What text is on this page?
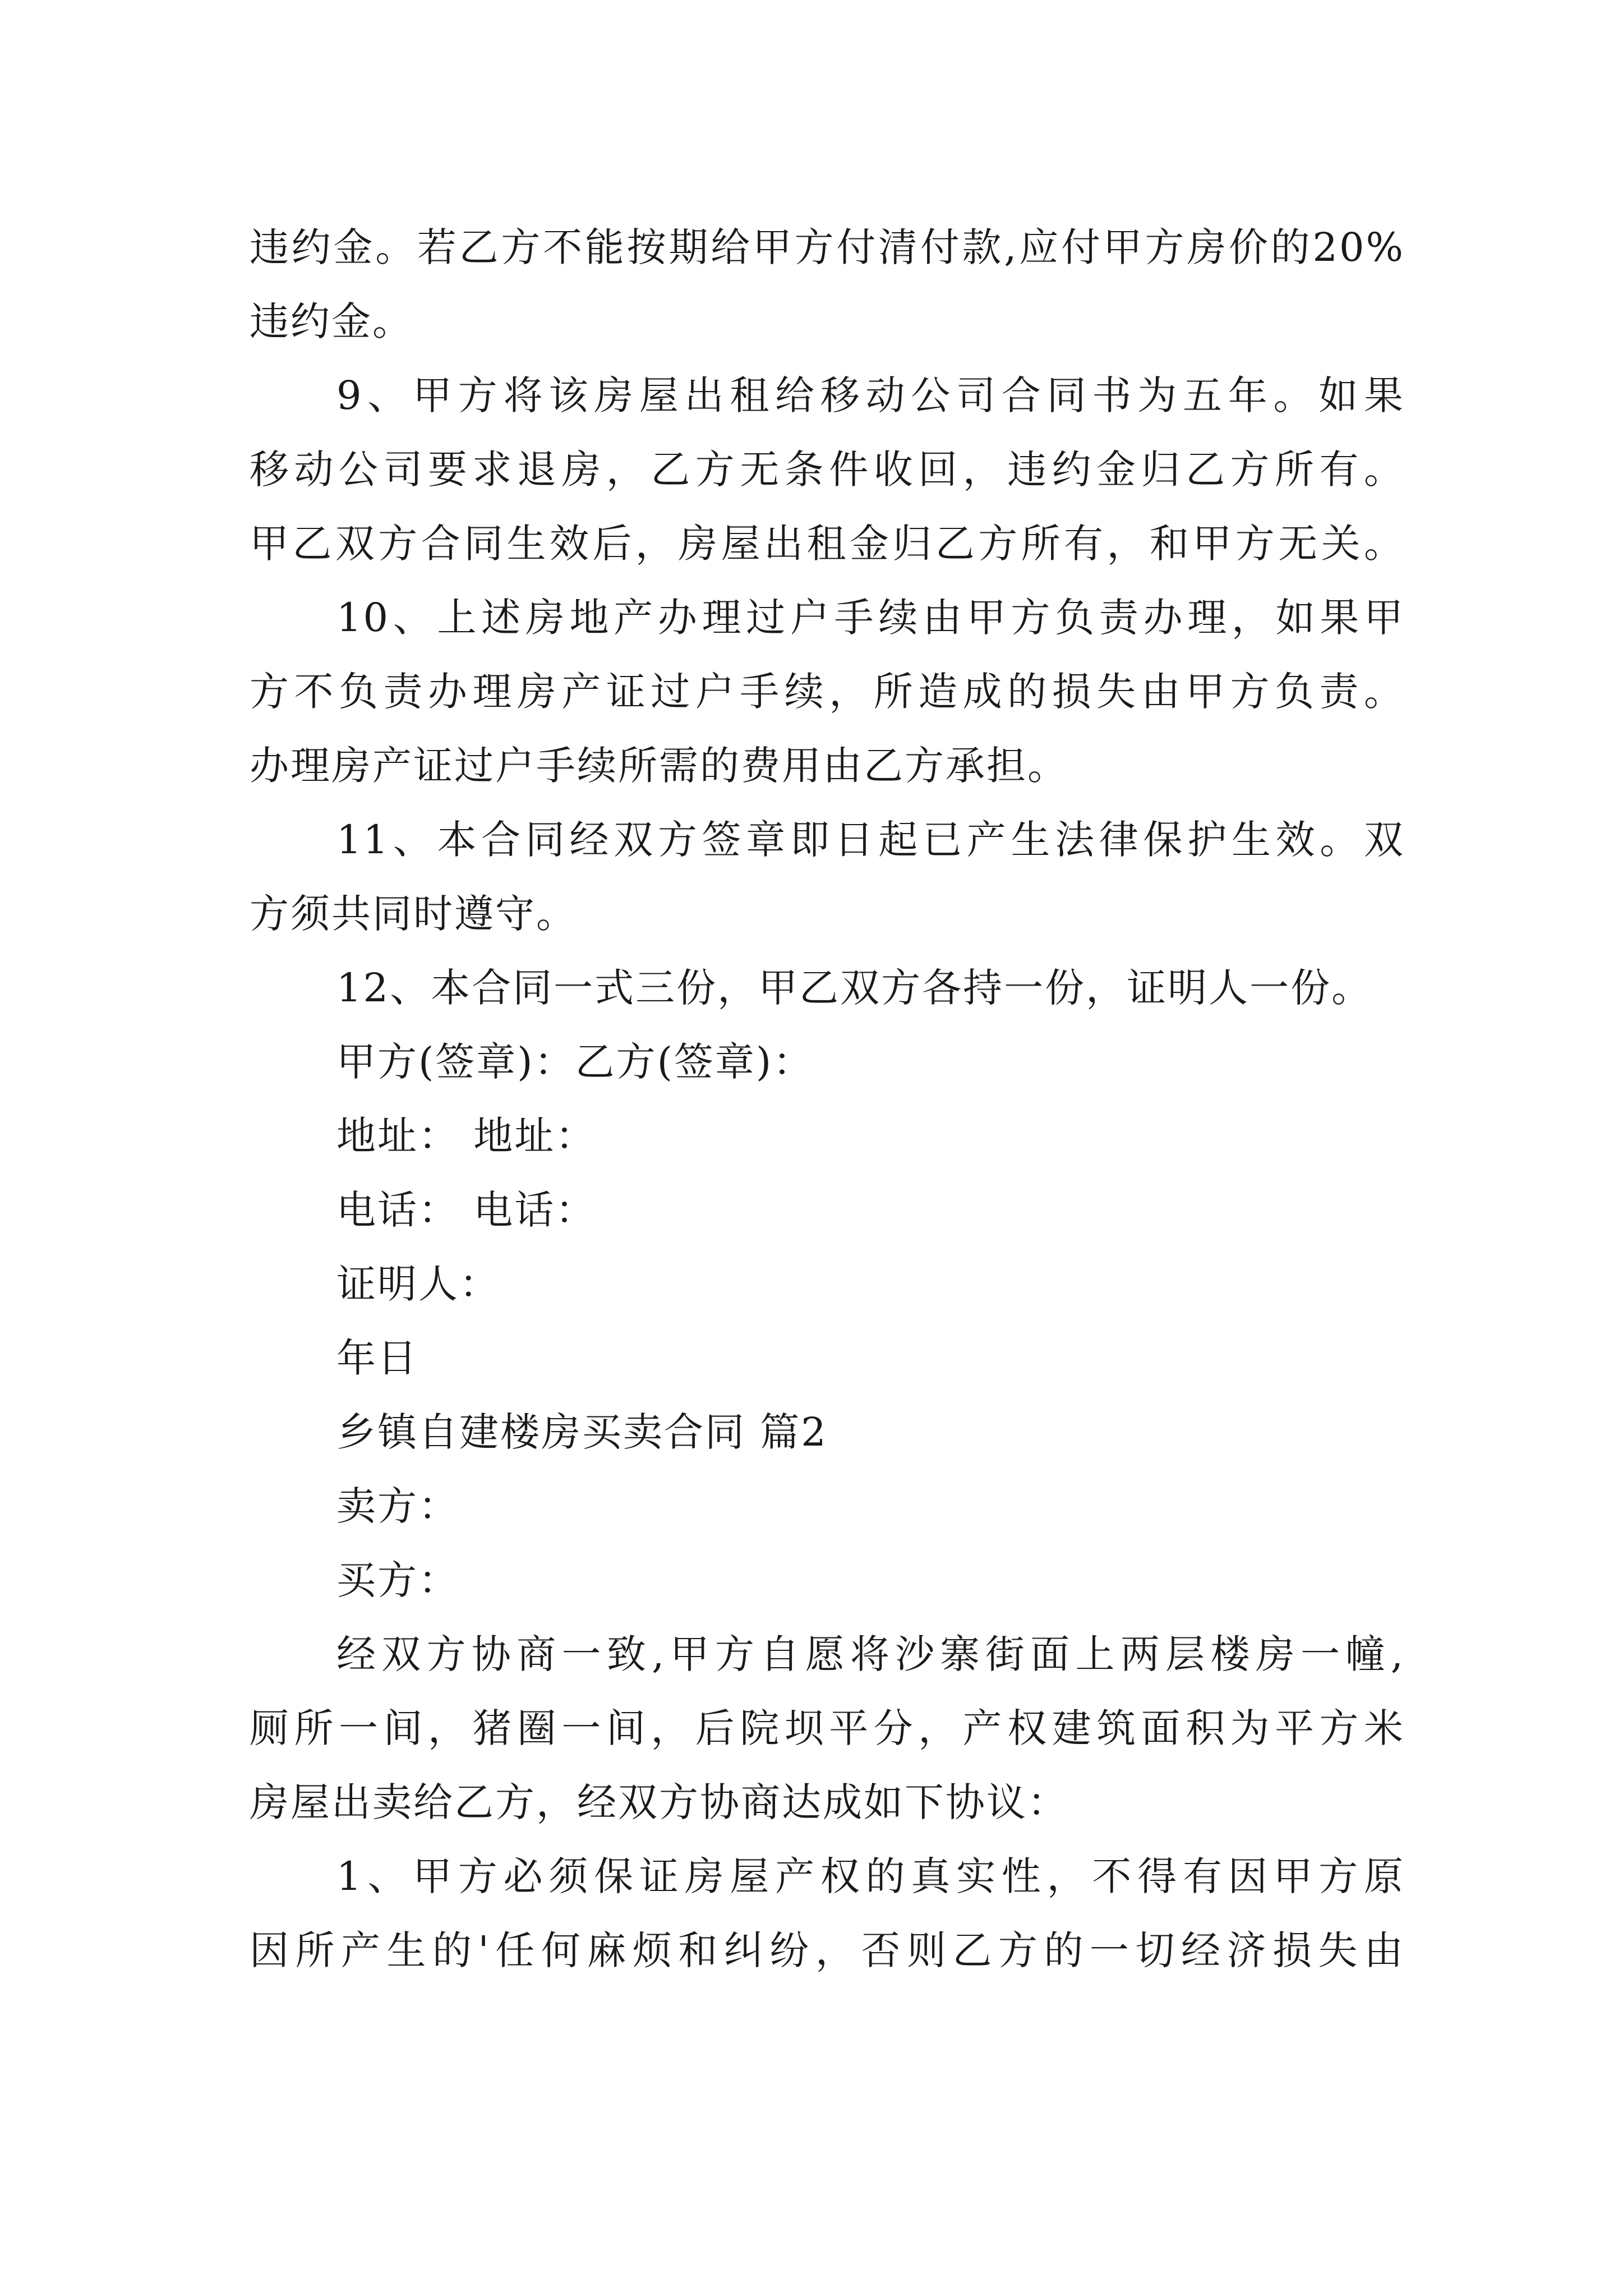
违约金。若乙方不能按期给甲方付清付款,应付甲方房价的20%
违约金。
9、甲方将该房屋出租给移动公司合同书为五年。如果
移动公司要求退房，乙方无条件收回，违约金归乙方所有。
甲乙双方合同生效后，房屋出租金归乙方所有，和甲方无关。
10、上述房地产办理过户手续由甲方负责办理，如果甲
方不负责办理房产证过户手续，所造成的损失由甲方负责。
办理房产证过户手续所需的费用由乙方承担。
11、本合同经双方签章即日起已产生法律保护生效。双
方须共同时遵守。
12、本合同一式三份，甲乙双方各持一份，证明人一份。
甲方(签章)：乙方(签章)：
地址： 地址：
电话： 电话：
证明人：
年日
乡镇自建楼房买卖合同 篇2
卖方：
买方：
经双方协商一致,甲方自愿将沙寨街面上两层楼房一幢,
厕所一间，猪圈一间，后院坝平分，产权建筑面积为平方米
房屋出卖给乙方，经双方协商达成如下协议：
1、甲方必须保证房屋产权的真实性，不得有因甲方原
因所产生的'任何麻烦和纠纷，否则乙方的一切经济损失由
